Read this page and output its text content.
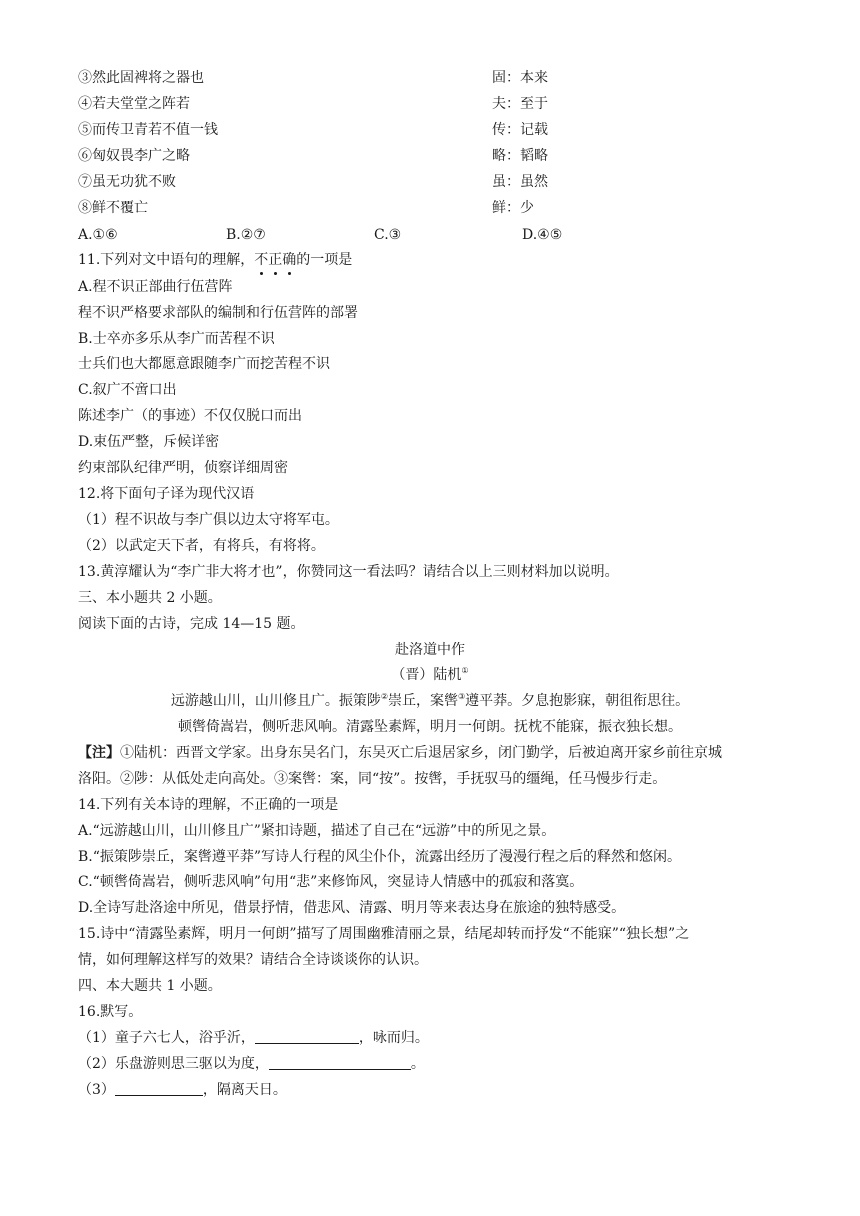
③然此固裨将之器也	固：本来
④若夫堂堂之阵若	夫：至于
⑤而传卫青若不值一钱	传：记载
⑥匈奴畏李广之略	略：韬略
⑦虽无功犹不败	虽：虽然
⑧鲜不覆亡	鲜：少
A.①⑥	B.②⑦	C.③	D.④⑤
11.下列对文中语句的理解，不正确的一项是
A.程不识正部曲行伍营阵
程不识严格要求部队的编制和行伍营阵的部署
B.士卒亦多乐从李广而苦程不识
士兵们也大都愿意跟随李广而挖苦程不识
C.叙广不啻口出
陈述李广（的事迹）不仅仅脱口而出
D.束伍严整，斥候详密
约束部队纪律严明，侦察详细周密
12.将下面句子译为现代汉语
（1）程不识故与李广俱以边太守将军屯。
（2）以武定天下者，有将兵，有将将。
13.黄淳耀认为“李广非大将才也”，你赞同这一看法吗？请结合以上三则材料加以说明。
三、本小题共 2 小题。
阅读下面的古诗，完成 14—15 题。
赴洛道中作
（晋）陆机①
远游越山川，山川修且广。振策陟②崇丘，案辔③遵平莽。夕息抱影寐，朝徂衔思往。
顿辔倚嵩岩，侧听悲风响。清露坠素辉，明月一何朗。抚枕不能寐，振衣独长想。
【注】①陆机：西晋文学家。出身东吴名门，东吴灭亡后退居家乡，闭门勤学，后被迫离开家乡前往京城
洛阳。②陟：从低处走向高处。③案辔：案，同“按”。按辔，手抚驭马的缰绳，任马慢步行走。
14.下列有关本诗的理解，不正确的一项是
A.“远游越山川，山川修且广”紧扣诗题，描述了自己在“远游”中的所见之景。
B.“振策陟崇丘，案辔遵平莽”写诗人行程的风尘仆仆，流露出经历了漫漫行程之后的释然和悠闲。
C.“顿辔倚嵩岩，侧听悲风响”句用“悲”来修饰风，突显诗人情感中的孤寂和落寞。
D.全诗写赴洛途中所见，借景抒情，借悲风、清露、明月等来表达身在旅途的独特感受。
15.诗中“清露坠素辉，明月一何朗”描写了周围幽雅清丽之景，结尾却转而抒发“不能寐”“独长想”之
情，如何理解这样写的效果？请结合全诗谈谈你的认识。
四、本大题共 1 小题。
16.默写。
（1）童子六七人，浴乎沂，	，咏而归。
（2）乐盘游则思三驱以为度，	。
（3）	，隔离天日。
